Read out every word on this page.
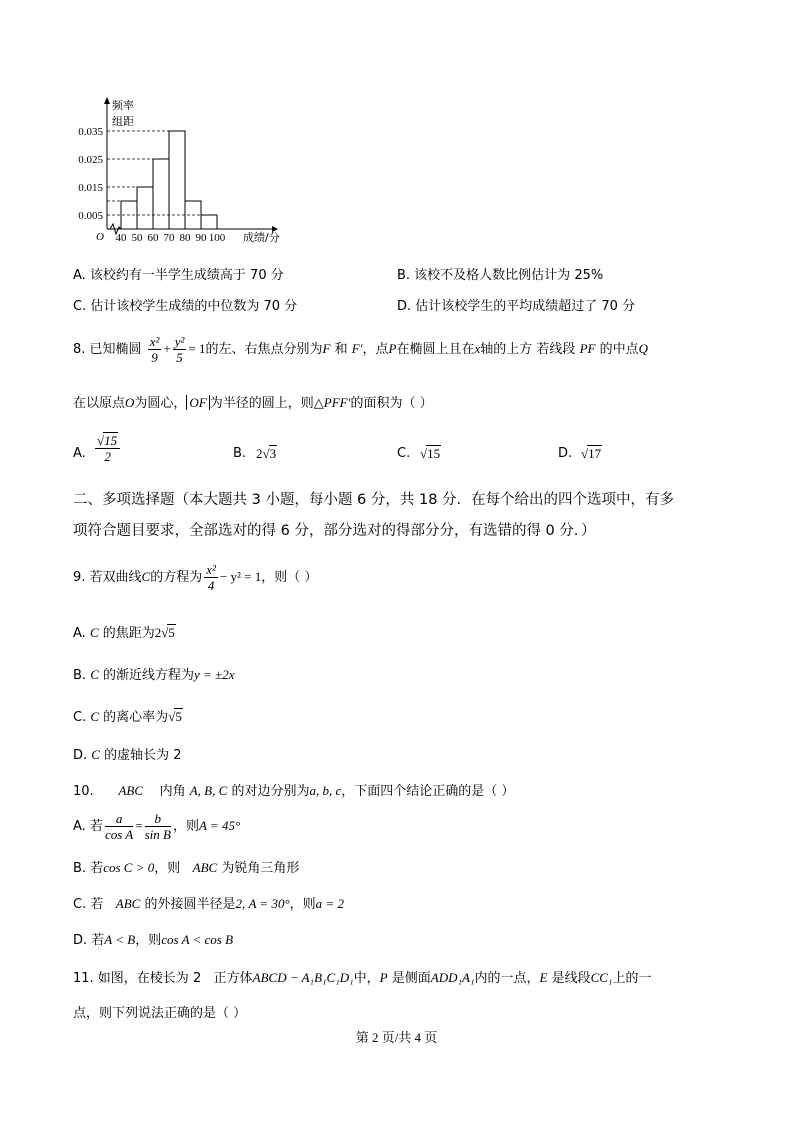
0.035
0.025
0.015
0.005
40 50 60 70 80 90 100
频率
组距
O	成绩/分
A. 该校约有一半学生成绩高于 70 分	B. 该校不及格人数比例估计为 25%
C. 估计该校学生成绩的中位数为 70 分	D. 估计该校学生的平均成绩超过了 70 分
8. 已知椭圆 $\frac{\text{x²}}{9} + \frac{\text{y²}}{5} = 1$的左、右焦点分别为F 和 F′，点P在椭圆上且在x轴的上方 若线段 PF 的中点Q
在以原点O为圆心， OF 为半径的圆上，则△PFF′的面积为（ ）
A. $\frac{√15}{2}$	B. 2√3	C. √15	D. √17
二、多项选择题（本大题共 3 小题，每小题 6 分，共 18 分．在每个给出的四个选项中，有多
项符合题目要求，全部选对的得 6 分，部分选对的得部分分，有选错的得 0 分．）
9. 若双曲线C的方程为 $\frac{\text{x²}}{4} - y^2 = 1$，则（ ）
A. C 的焦距为2√5
B. C 的渐近线方程为y = ±2x
C. C 的离心率为√5
D. C 的虚轴长为 2
10. ABC 内角 A, B, C 的对边分别为a, b, c，下面四个结论正确的是（ ）
A. 若 $\frac{a}{\text{cos A}} = \frac{b}{\text{sin B}}$ ，则A = 45°
B. 若cos C > 0，则 ABC 为锐角三角形
C. 若 ABC 的外接圆半径是2, A = 30°，则a = 2
D. 若A < B，则cos A < cos B
11. 如图，在棱长为 2 正方体ABCD − A₁B₁C₁D₁中，P 是侧面ADD₁A₁内的一点，E 是线段CC₁上的一
点，则下列说法正确的是（ ）
第 2 页/共 4 页
